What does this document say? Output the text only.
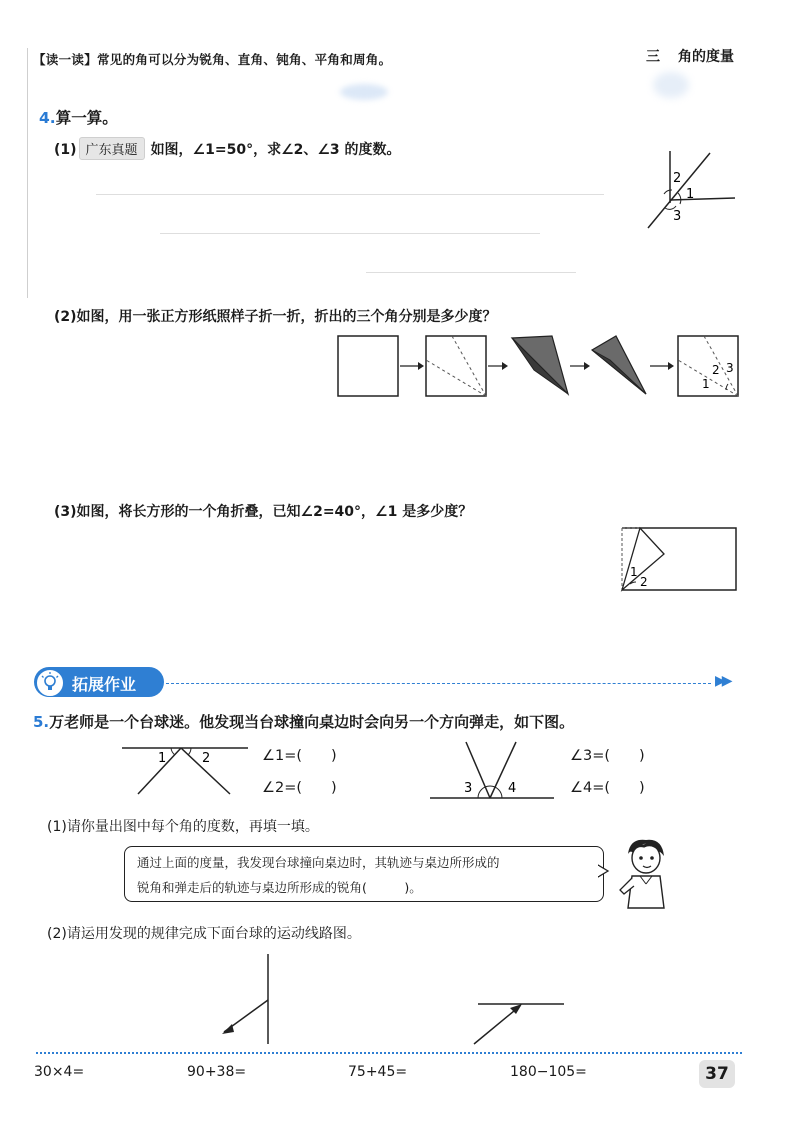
【读一读】常见的角可以分为锐角、直角、钝角、平角和周角。	三 角的度量
4.算一算。
(1) 广东真题 如图，∠1=50°，求∠2、∠3 的度数。
2
1
3
(2)如图，用一张正方形纸照样子折一折，折出的三个角分别是多少度？
1
2 3
(3)如图，将长方形的一个角折叠，已知∠2=40°，∠1 是多少度？
1
2
拓展作业	▶▶
5.万老师是一个台球迷。他发现当台球撞向桌边时会向另一个方向弹走，如下图。
1	2	∠1=(　　)
∠2=(　　)	3	4
∠3=(　　)
∠4=(　　)
(1)请你量出图中每个角的度数，再填一填。
通过上面的度量，我发现台球撞向桌边时，其轨迹与桌边所形成的
锐角和弹走后的轨迹与桌边所形成的锐角(　　　)。
(2)请运用发现的规律完成下面台球的运动线路图。
30×4=	90+38=	75+45=	180−105=	37
